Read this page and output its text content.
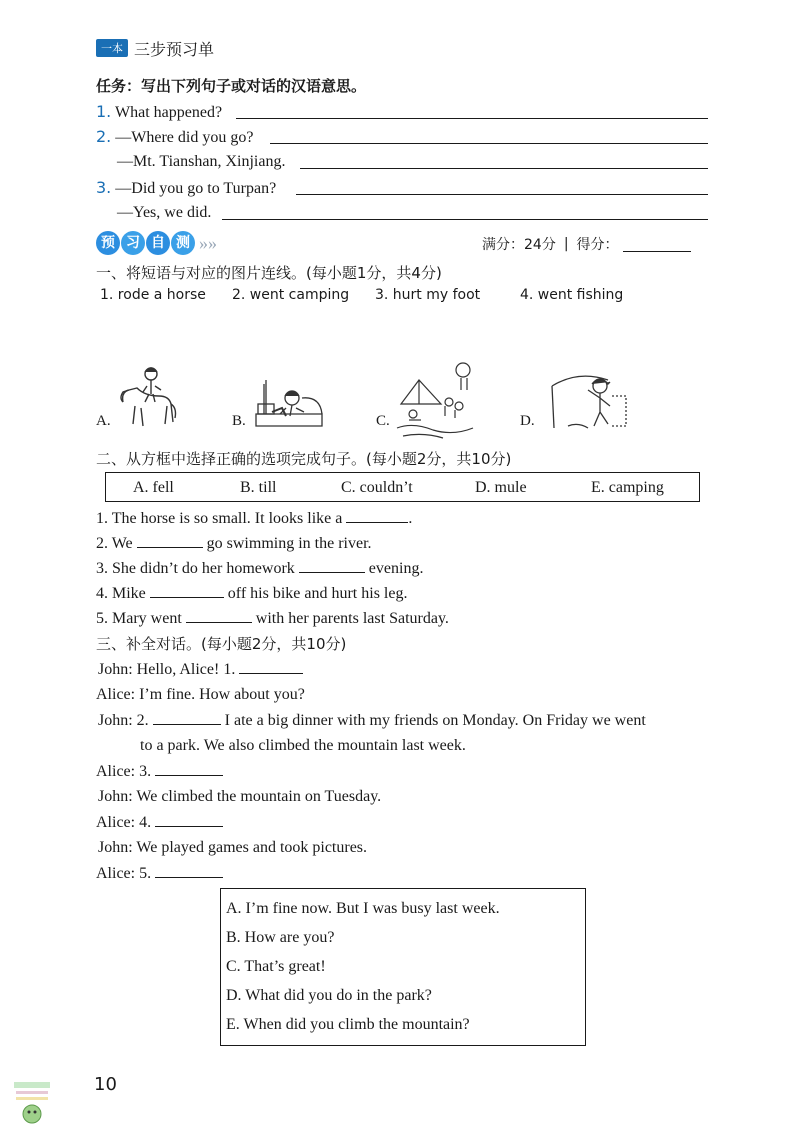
一本 三步预习单
任务：写出下列句子或对话的汉语意思。
1. What happened?
2. —Where did you go?
—Mt. Tianshan, Xinjiang.
3. —Did you go to Turpan?
—Yes, we did.
预 习 自 测 »»	满分：24分 | 得分：
一、将短语与对应的图片连线。(每小题1分，共4分)
1. rode a horse 2. went camping 3. hurt my foot	4. went fishing
A.	B.	C.	D.
二、从方框中选择正确的选项完成句子。(每小题2分，共10分)
A. fell	B. till	C. couldn’t	D. mule	E. camping
1. The horse is so small. It looks like a	.
2. We	go swimming in the river.
3. She didn’t do her homework	evening.
4. Mike	off his bike and hurt his leg.
5. Mary went	with her parents last Saturday.
三、补全对话。(每小题2分，共10分)
John: Hello, Alice! 1.
Alice: I’m fine. How about you?
John: 2.	I ate a big dinner with my friends on Monday. On Friday we went
to a park. We also climbed the mountain last week.
Alice: 3.
John: We climbed the mountain on Tuesday.
Alice: 4.
John: We played games and took pictures.
Alice: 5.
A. I’m fine now. But I was busy last week.
B. How are you?
C. That’s great!
D. What did you do in the park?
E. When did you climb the mountain?
10
